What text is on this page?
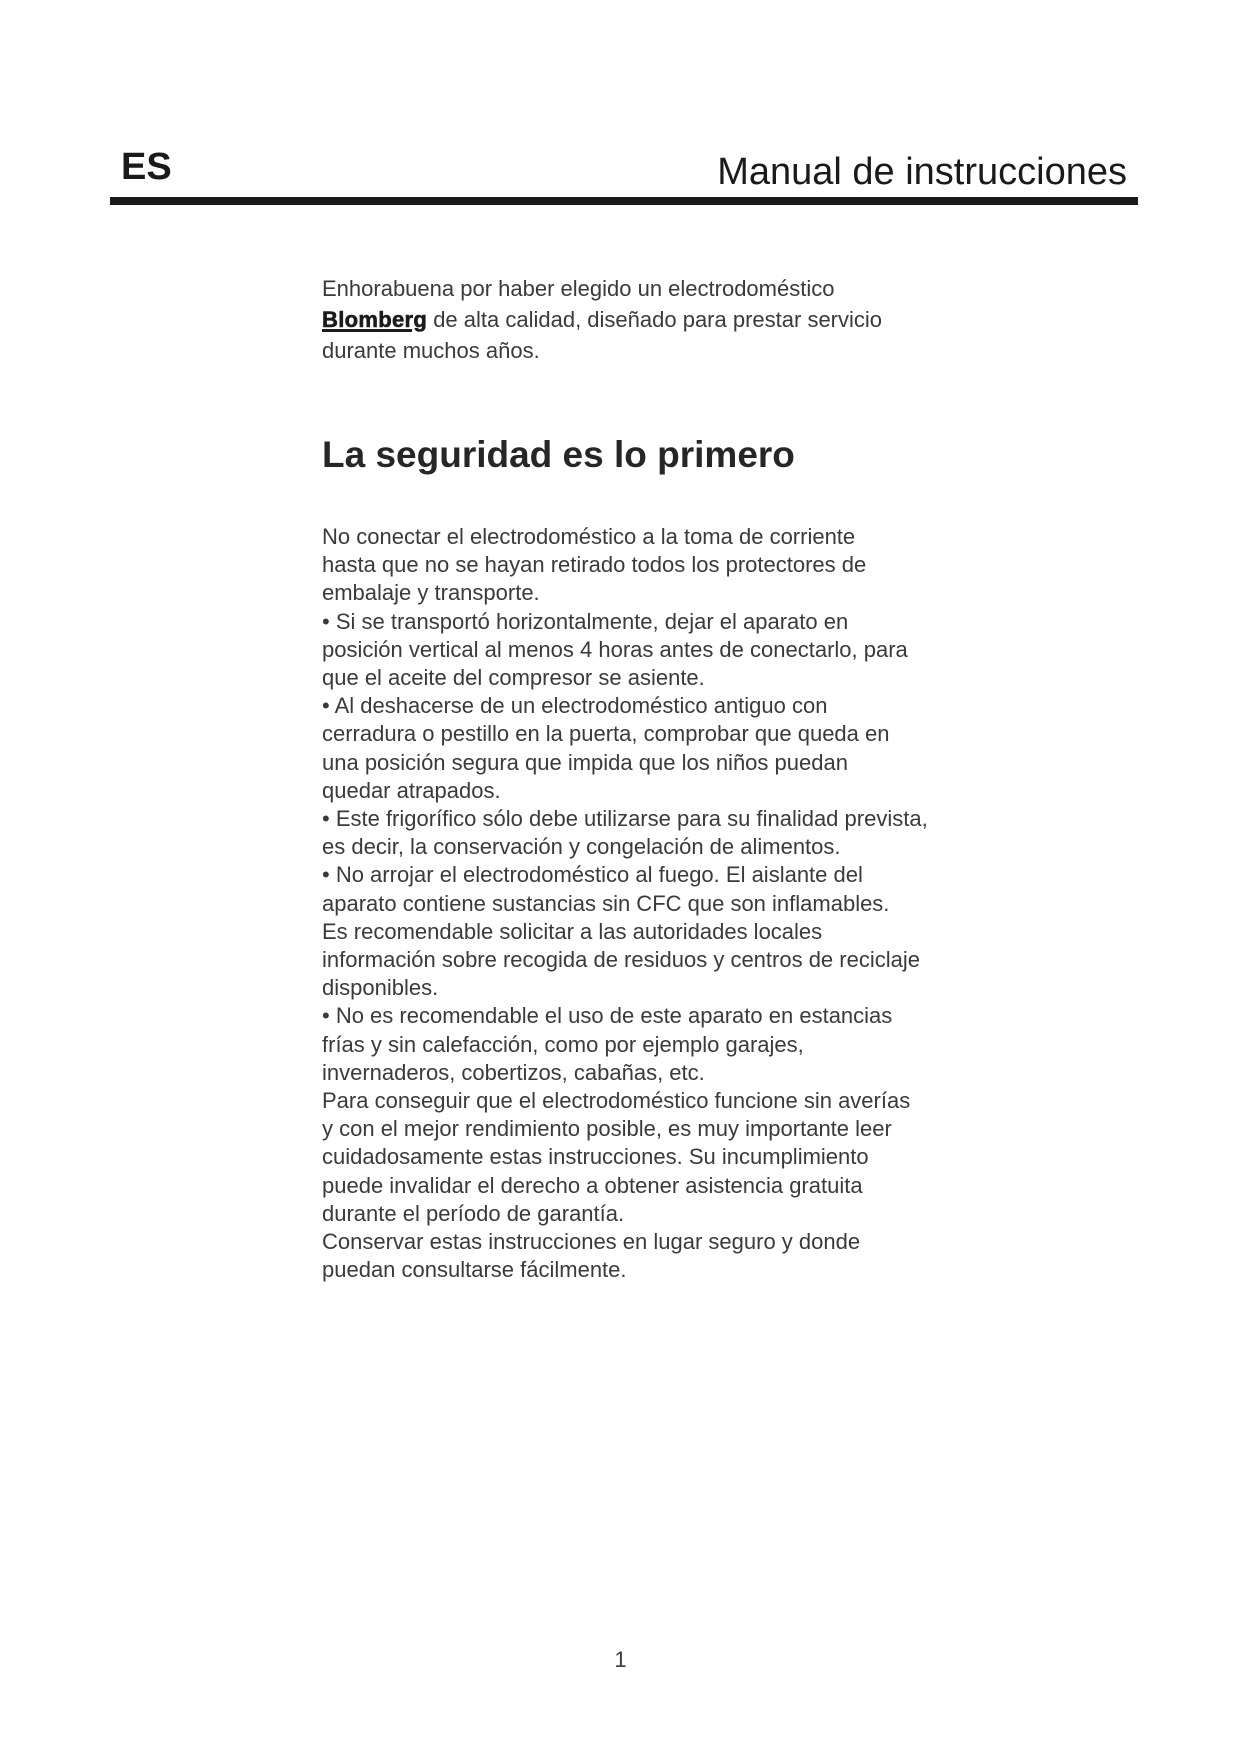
ES	Manual de instrucciones

Enhorabuena por haber elegido un electrodoméstico
Blomberg de alta calidad, diseñado para prestar servicio
durante muchos años.

La seguridad es lo primero
No conectar el electrodoméstico a la toma de corriente
hasta que no se hayan retirado todos los protectores de
embalaje y transporte.
• Si se transportó horizontalmente, dejar el aparato en
posición vertical al menos 4 horas antes de conectarlo, para
que el aceite del compresor se asiente.
• Al deshacerse de un electrodoméstico antiguo con
cerradura o pestillo en la puerta, comprobar que queda en
una posición segura que impida que los niños puedan
quedar atrapados.
• Este frigorífico sólo debe utilizarse para su finalidad prevista,
es decir, la conservación y congelación de alimentos.
• No arrojar el electrodoméstico al fuego. El aislante del
aparato contiene sustancias sin CFC que son inflamables.
Es recomendable solicitar a las autoridades locales
información sobre recogida de residuos y centros de reciclaje
disponibles.
• No es recomendable el uso de este aparato en estancias
frías y sin calefacción, como por ejemplo garajes,
invernaderos, cobertizos, cabañas, etc.
Para conseguir que el electrodoméstico funcione sin averías
y con el mejor rendimiento posible, es muy importante leer
cuidadosamente estas instrucciones. Su incumplimiento
puede invalidar el derecho a obtener asistencia gratuita
durante el período de garantía.
Conservar estas instrucciones en lugar seguro y donde
puedan consultarse fácilmente.
1
